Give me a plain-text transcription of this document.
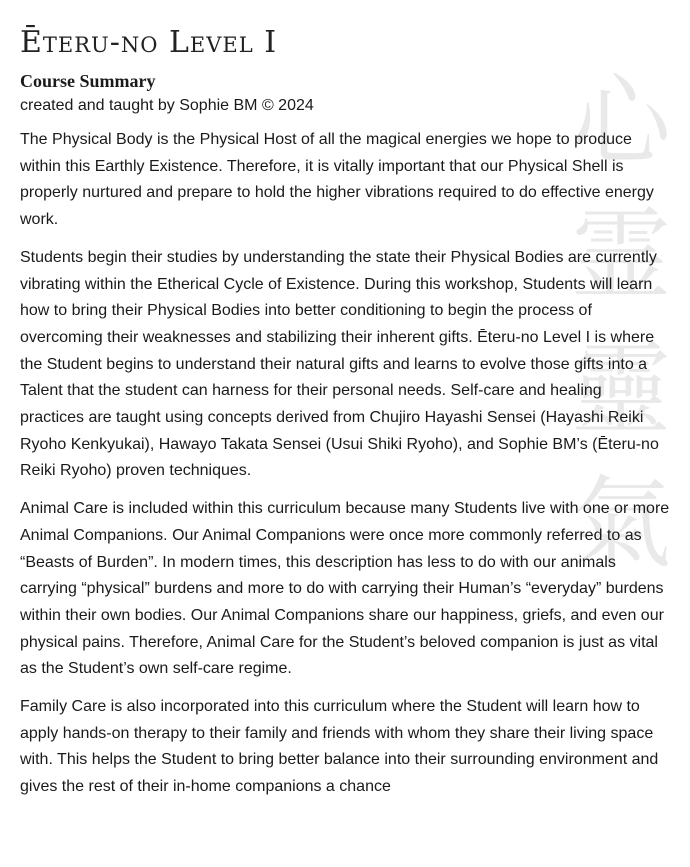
心
霊
靈
氣
Ēteru-no Level I

Course Summary

created and taught by Sophie BM © 2024

The Physical Body is the Physical Host of all the magical energies we hope to produce within this Earthly Existence. Therefore, it is vitally important that our Physical Shell is properly nurtured and prepare to hold the higher vibrations required to do effective energy work.

Students begin their studies by understanding the state their Physical Bodies are currently vibrating within the Etherical Cycle of Existence. During this workshop, Students will learn how to bring their Physical Bodies into better conditioning to begin the process of overcoming their weaknesses and stabilizing their inherent gifts. Ēteru-no Level I is where the Student begins to understand their natural gifts and learns to evolve those gifts into a Talent that the student can harness for their personal needs. Self-care and healing practices are taught using concepts derived from Chujiro Hayashi Sensei (Hayashi Reiki Ryoho Kenkyukai), Hawayo Takata Sensei (Usui Shiki Ryoho), and Sophie BM’s (Ēteru-no Reiki Ryoho) proven techniques.

Animal Care is included within this curriculum because many Students live with one or more Animal Companions. Our Animal Companions were once more commonly referred to as “Beasts of Burden”. In modern times, this description has less to do with our animals carrying “physical” burdens and more to do with carrying their Human’s “everyday” burdens within their own bodies. Our Animal Companions share our happiness, griefs, and even our physical pains. Therefore, Animal Care for the Student’s beloved companion is just as vital as the Student’s own self-care regime.

Family Care is also incorporated into this curriculum where the Student will learn how to apply hands-on therapy to their family and friends with whom they share their living space with. This helps the Student to bring better balance into their surrounding environment and gives the rest of their in-home companions a chance
